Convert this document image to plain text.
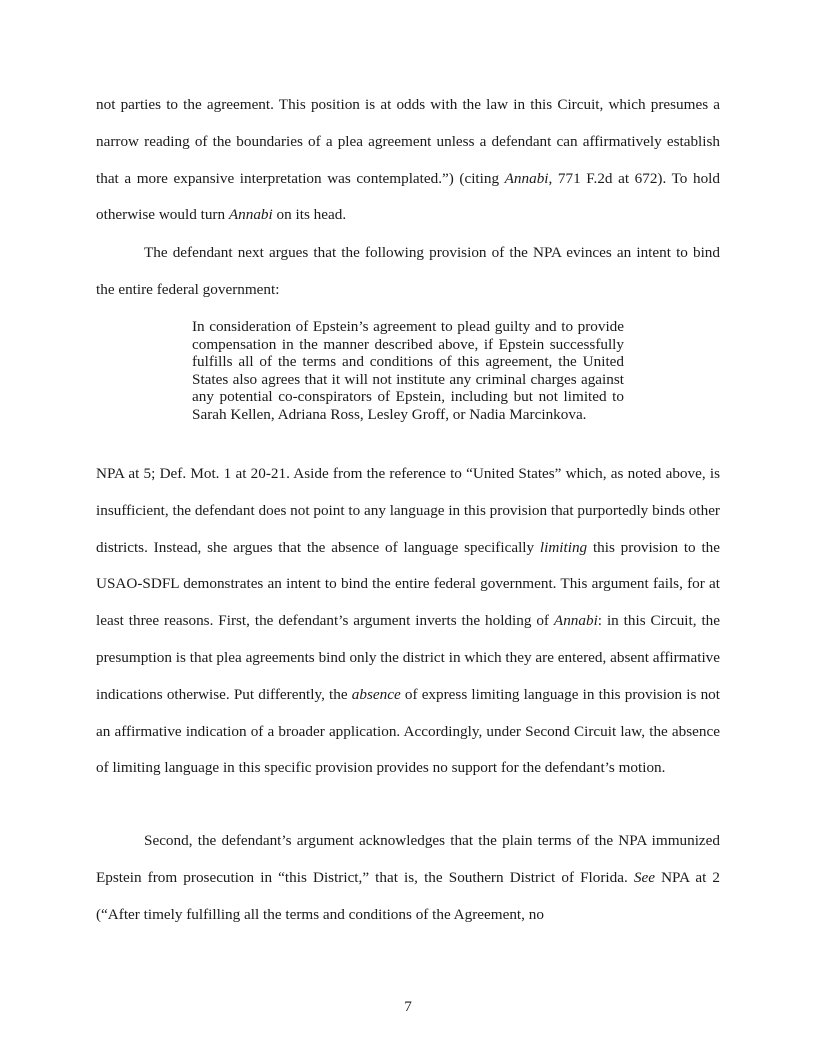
not parties to the agreement. This position is at odds with the law in this Circuit, which presumes a narrow reading of the boundaries of a plea agreement unless a defendant can affirmatively establish that a more expansive interpretation was contemplated.”) (citing Annabi, 771 F.2d at 672). To hold otherwise would turn Annabi on its head.

The defendant next argues that the following provision of the NPA evinces an intent to bind the entire federal government:

In consideration of Epstein’s agreement to plead guilty and to provide compensation in the manner described above, if Epstein successfully fulfills all of the terms and conditions of this agreement, the United States also agrees that it will not institute any criminal charges against any potential co-conspirators of Epstein, including but not limited to Sarah Kellen, Adriana Ross, Lesley Groff, or Nadia Marcinkova.

NPA at 5; Def. Mot. 1 at 20-21. Aside from the reference to “United States” which, as noted above, is insufficient, the defendant does not point to any language in this provision that purportedly binds other districts. Instead, she argues that the absence of language specifically limiting this provision to the USAO-SDFL demonstrates an intent to bind the entire federal government. This argument fails, for at least three reasons. First, the defendant’s argument inverts the holding of Annabi: in this Circuit, the presumption is that plea agreements bind only the district in which they are entered, absent affirmative indications otherwise. Put differently, the absence of express limiting language in this provision is not an affirmative indication of a broader application. Accordingly, under Second Circuit law, the absence of limiting language in this specific provision provides no support for the defendant’s motion.

Second, the defendant’s argument acknowledges that the plain terms of the NPA immunized Epstein from prosecution in “this District,” that is, the Southern District of Florida. See NPA at 2 (“After timely fulfilling all the terms and conditions of the Agreement, no

7
